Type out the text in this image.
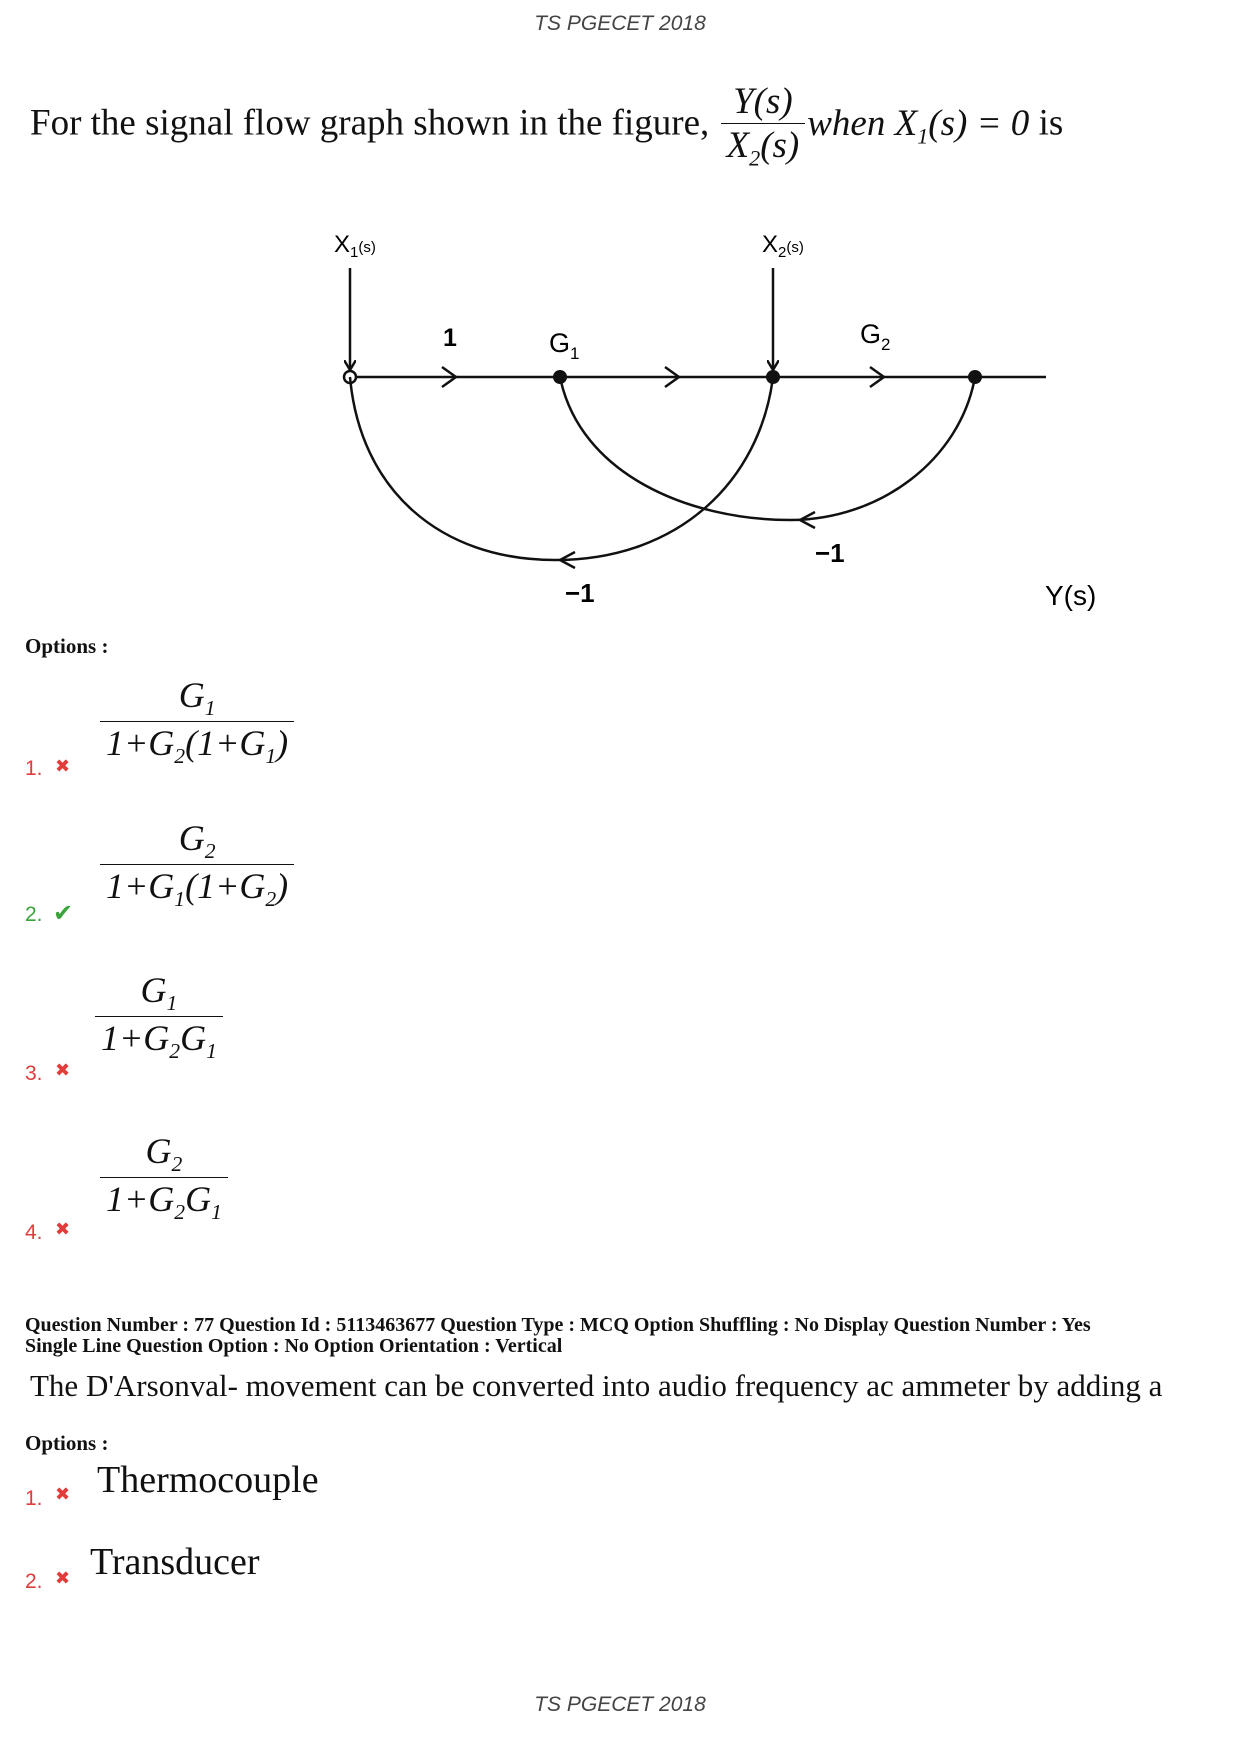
TS PGECET 2018
For the signal flow graph shown in the figure, $\frac{Y(s)}{X_2(s)}$ when $X_1(s) = 0$ is
$X_1^{(s)}$	$X_2^{(s)}$
1	$G_1$
$G_2$
−1
−1
Y(s)
Options :
1. ✖ $\frac{G_1}{1+G_2(1+G_1)}$
2. ✔
$\frac{G_2}{1+G_1(1+G_2)}$
3. ✖
$\frac{G_1}{1+G_2G_1}$
4. ✖
$\frac{G_2}{1+G_2G_1}$
Question Number : 77 Question Id : 5113463677 Question Type : MCQ Option Shuffling : No Display Question Number : Yes
Single Line Question Option : No Option Orientation : Vertical
The D'Arsonval- movement can be converted into audio frequency ac ammeter by adding a
Options :
1. ✖ Thermocouple
2. ✖ Transducer
TS PGECET 2018
